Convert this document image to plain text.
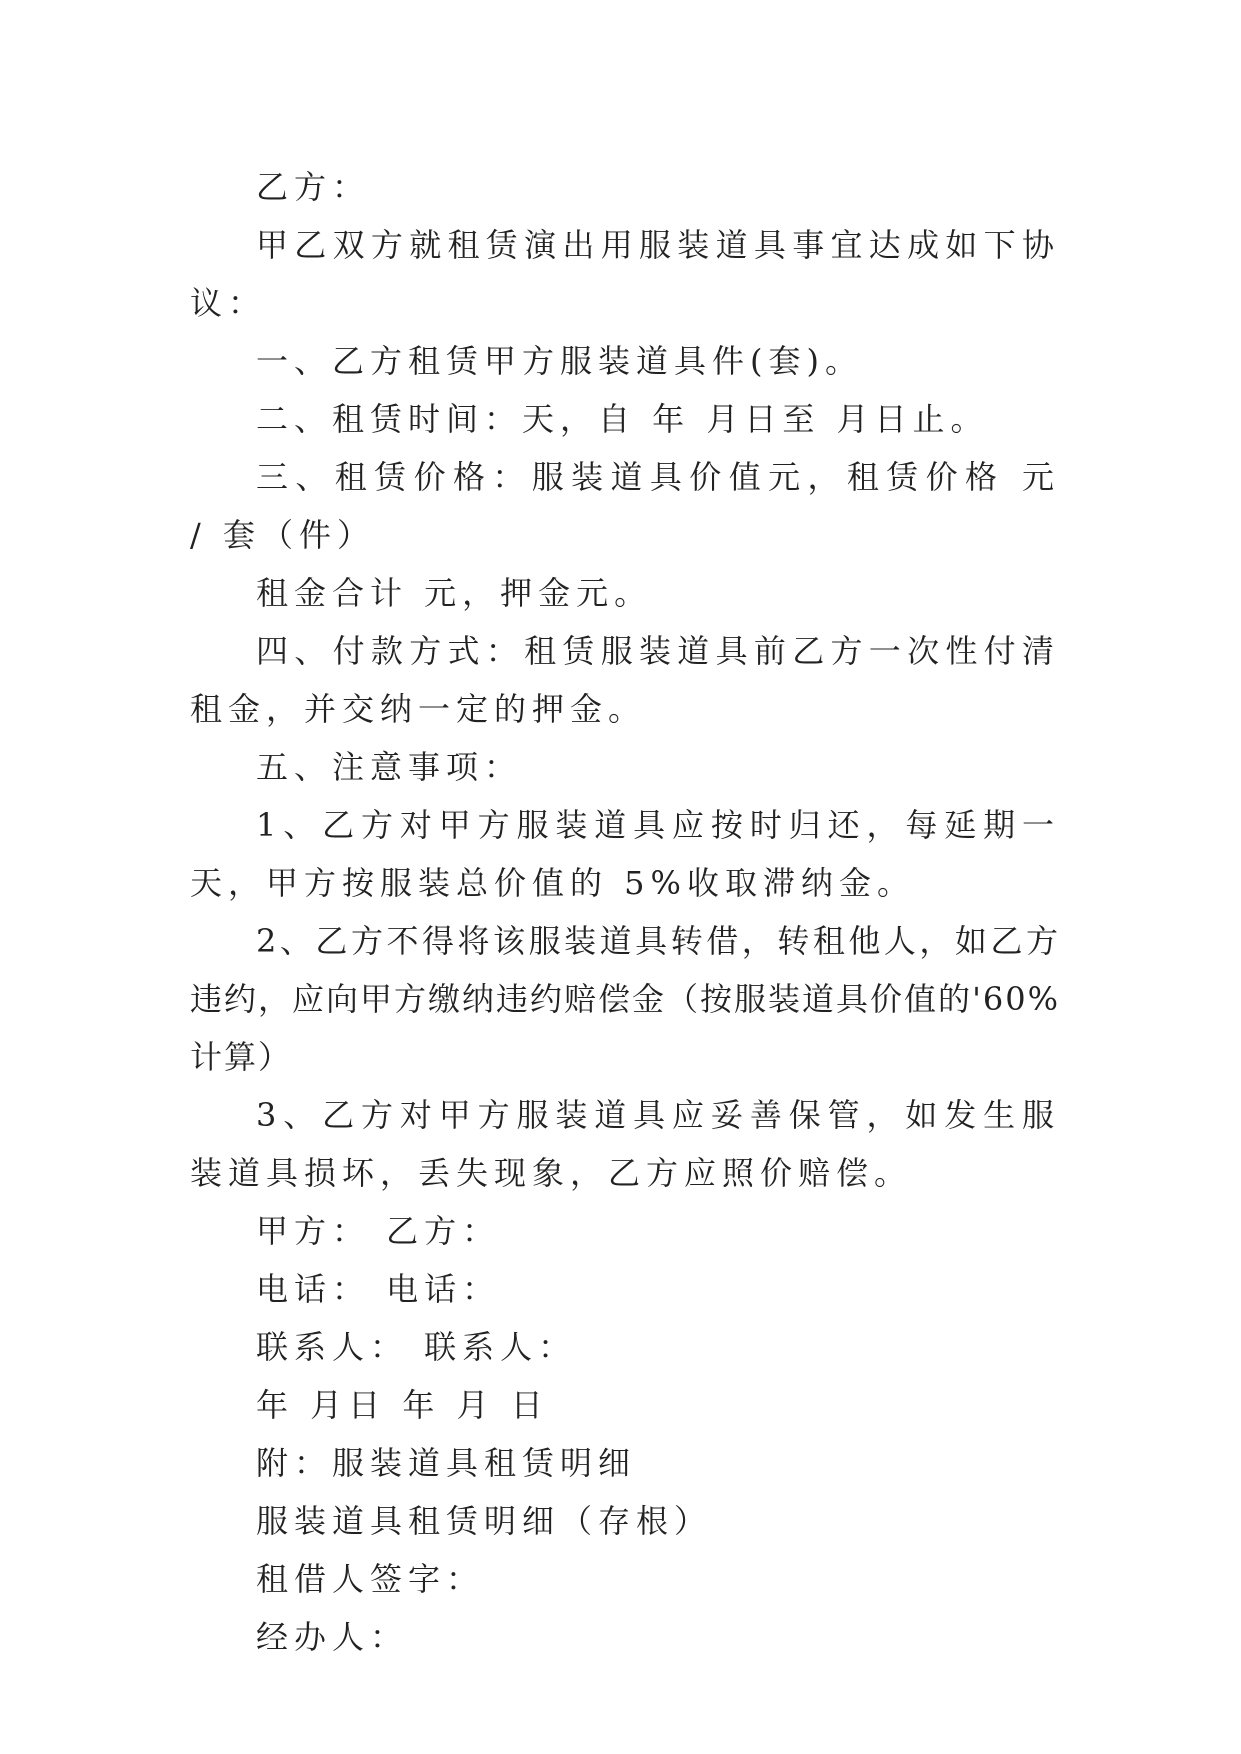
乙方：

甲乙双方就租赁演出用服装道具事宜达成如下协议：

一、乙方租赁甲方服装道具件(套)。

二、租赁时间：天，自 年 月日至 月日止。

三、租赁价格：服装道具价值元，租赁价格 元 / 套（件）

租金合计 元，押金元。

四、付款方式：租赁服装道具前乙方一次性付清租金，并交纳一定的押金。

五、注意事项：

1、乙方对甲方服装道具应按时归还，每延期一天，甲方按服装总价值的 5%收取滞纳金。

2、乙方不得将该服装道具转借，转租他人，如乙方违约，应向甲方缴纳违约赔偿金（按服装道具价值的'60%计算）

3、乙方对甲方服装道具应妥善保管，如发生服装道具损坏，丢失现象，乙方应照价赔偿。

甲方： 乙方：

电话： 电话：

联系人： 联系人：

年 月日 年 月 日

附：服装道具租赁明细

服装道具租赁明细（存根）

租借人签字：

经办人：
